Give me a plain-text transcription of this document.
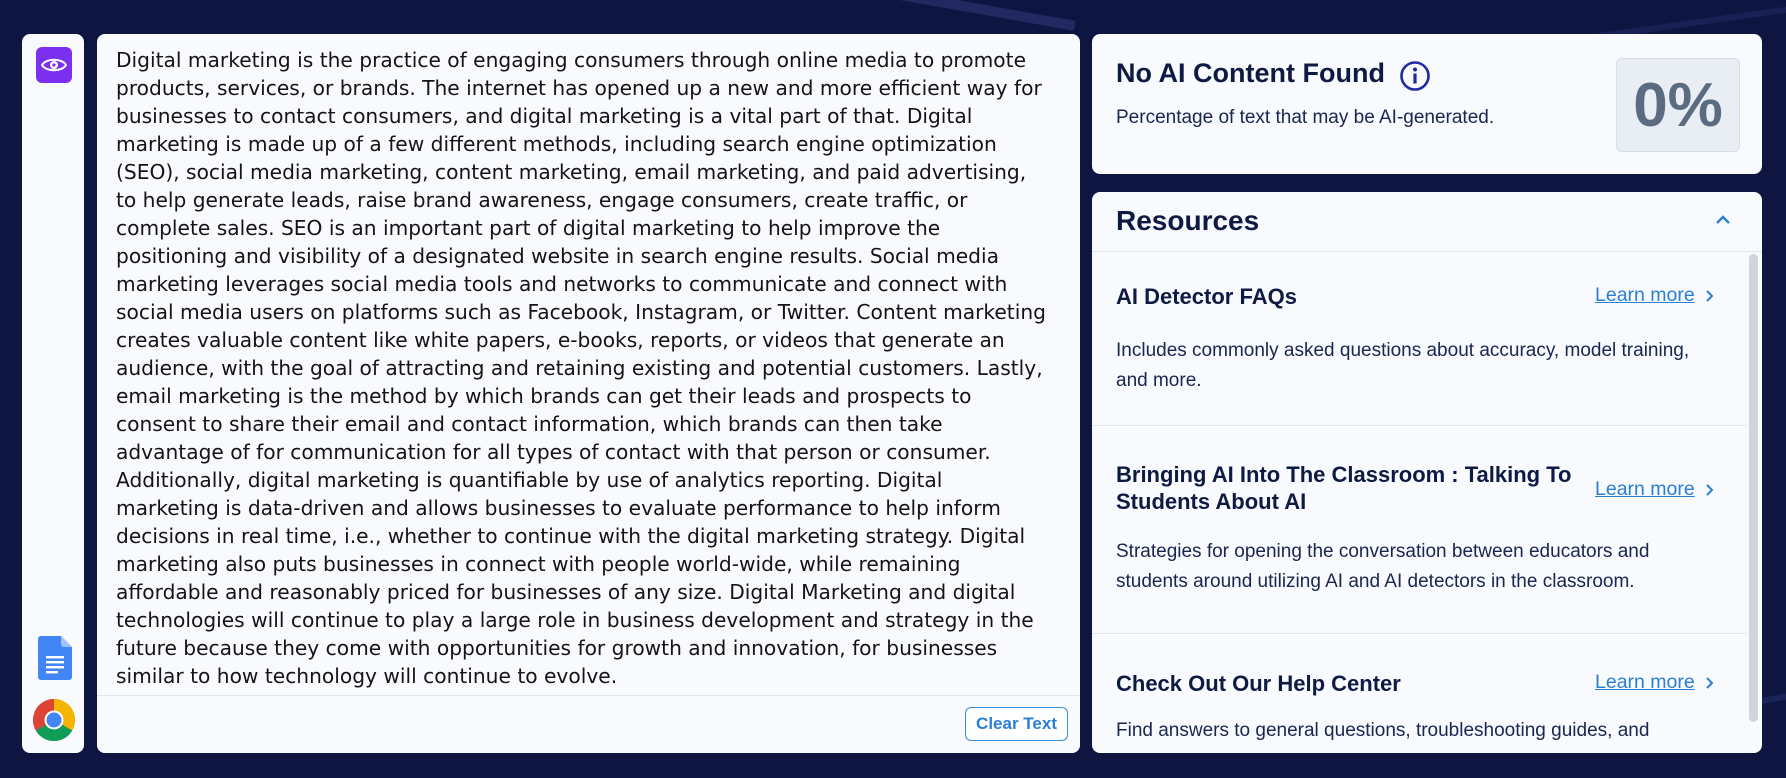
Digital marketing is the practice of engaging consumers through online media to promote products, services, or brands. The internet has opened up a new and more efficient way for businesses to contact consumers, and digital marketing is a vital part of that. Digital marketing is made up of a few different methods, including search engine optimization (SEO), social media marketing, content marketing, email marketing, and paid advertising, to help generate leads, raise brand awareness, engage consumers, create traffic, or complete sales. SEO is an important part of digital marketing to help improve the positioning and visibility of a designated website in search engine results. Social media marketing leverages social media tools and networks to communicate and connect with social media users on platforms such as Facebook, Instagram, or Twitter. Content marketing creates valuable content like white papers, e-books, reports, or videos that generate an audience, with the goal of attracting and retaining existing and potential customers. Lastly, email marketing is the method by which brands can get their leads and prospects to consent to share their email and contact information, which brands can then take advantage of for communication for all types of contact with that person or consumer. Additionally, digital marketing is quantifiable by use of analytics reporting. Digital marketing is data-driven and allows businesses to evaluate performance to help inform decisions in real time, i.e., whether to continue with the digital marketing strategy. Digital marketing also puts businesses in connect with people world-wide, while remaining affordable and reasonably priced for businesses of any size. Digital Marketing and digital technologies will continue to play a large role in business development and strategy in the future because they come with opportunities for growth and innovation, for businesses similar to how technology will continue to evolve.

Clear Text
No AI Content Found
Percentage of text that may be AI-generated. 0%
Resources
AI Detector FAQs	Learn more
Includes commonly asked questions about accuracy, model training, and more.
Bringing AI Into The Classroom : Talking To Students About AI	Learn more
Strategies for opening the conversation between educators and students around utilizing AI and AI detectors in the classroom.
Check Out Our Help Center	Learn more
Find answers to general questions, troubleshooting guides, and
